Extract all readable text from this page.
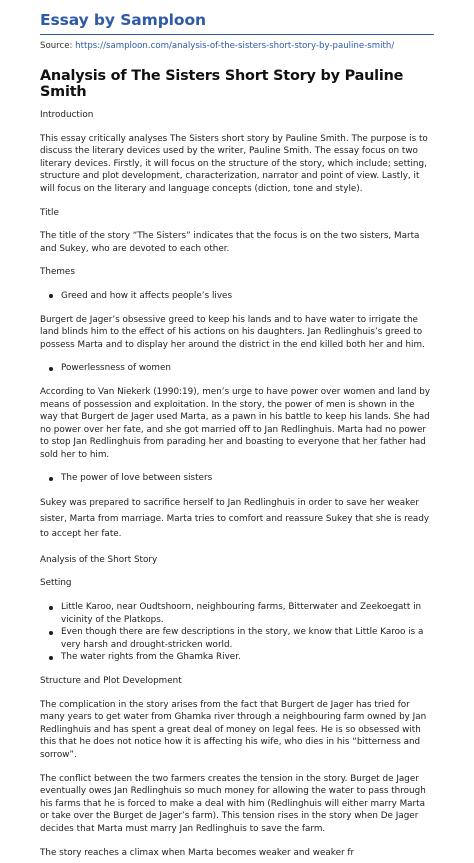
Essay by Samploon
Source: https://samploon.com/analysis-of-the-sisters-short-story-by-pauline-smith/
Analysis of The Sisters Short Story by Pauline Smith
Introduction
This essay critically analyses The Sisters short story by Pauline Smith. The purpose is to discuss the literary devices used by the writer, Pauline Smith. The essay focus on two literary devices. Firstly, it will focus on the structure of the story, which include; setting, structure and plot development, characterization, narrator and point of view. Lastly, it will focus on the literary and language concepts (diction, tone and style).
Title
The title of the story “The Sisters” indicates that the focus is on the two sisters, Marta and Sukey, who are devoted to each other.
Themes
Greed and how it affects people’s lives
Burgert de Jager’s obsessive greed to keep his lands and to have water to irrigate the land blinds him to the effect of his actions on his daughters. Jan Redlinghuis’s greed to possess Marta and to display her around the district in the end killed both her and him.
Powerlessness of women
According to Van Niekerk (1990:19), men’s urge to have power over women and land by means of possession and exploitation. In the story, the power of men is shown in the way that Burgert de Jager used Marta, as a pawn in his battle to keep his lands. She had no power over her fate, and she got married off to Jan Redlinghuis. Marta had no power to stop Jan Redlinghuis from parading her and boasting to everyone that her father had sold her to him.
The power of love between sisters
Sukey was prepared to sacrifice herself to Jan Redlinghuis in order to save her weaker sister, Marta from marriage. Marta tries to comfort and reassure Sukey that she is ready to accept her fate.
Analysis of the Short Story
Setting
Little Karoo, near Oudtshoorn, neighbouring farms, Bitterwater and Zeekoegatt in vicinity of the Platkops.
Even though there are few descriptions in the story, we know that Little Karoo is a very harsh and drought-stricken world.
The water rights from the Ghamka River.
Structure and Plot Development
The complication in the story arises from the fact that Burgert de Jager has tried for many years to get water from Ghamka river through a neighbouring farm owned by Jan Redlinghuis and has spent a great deal of money on legal fees. He is so obsessed with this that he does not notice how it is affecting his wife, who dies in his “bitterness and sorrow”.
The conflict between the two farmers creates the tension in the story. Burget de Jager eventually owes Jan Redlinghuis so much money for allowing the water to pass through his farms that he is forced to make a deal with him (Redlinghuis will either marry Marta or take over the Burget de Jager’s farm). This tension rises in the story when De Jager decides that Marta must marry Jan Redlinghuis to save the farm.
The story reaches a climax when Marta becomes weaker and weaker fr
